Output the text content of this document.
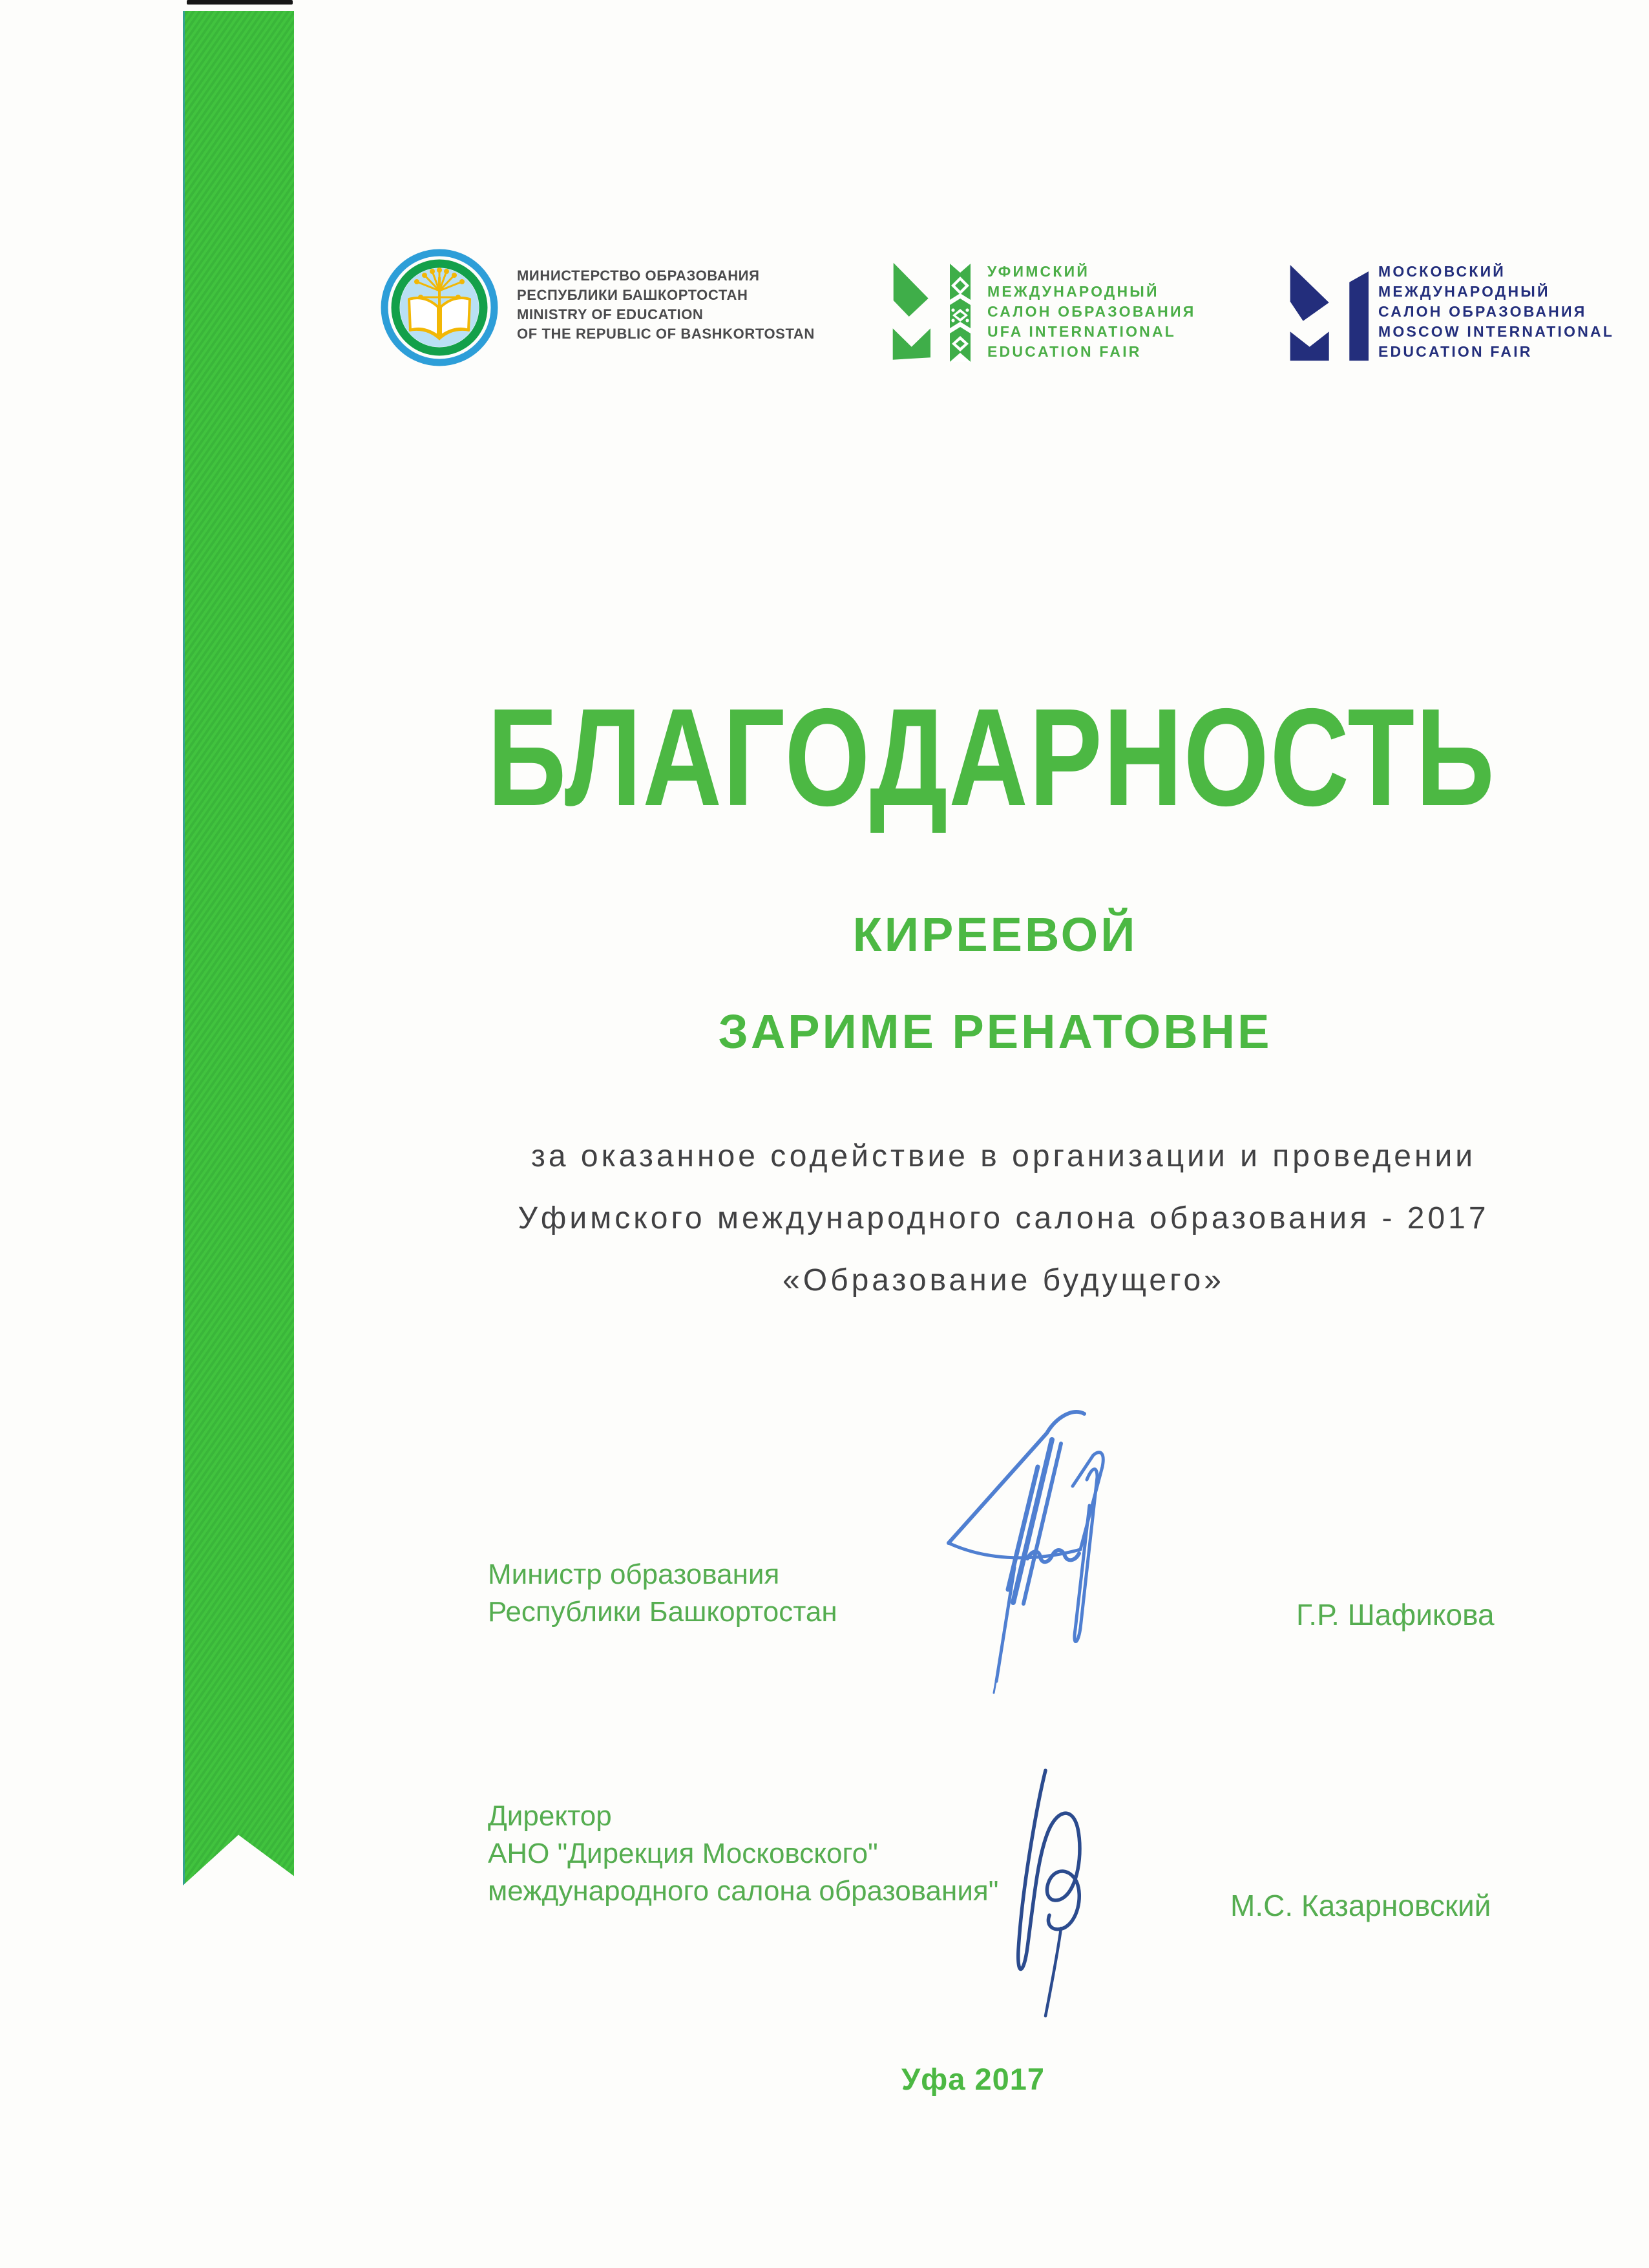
МИНИСТЕРСТВО ОБРАЗОВАНИЯ
РЕСПУБЛИКИ БАШКОРТОСТАН
MINISTRY OF EDUCATION
OF THE REPUBLIC OF BASHKORTOSTAN
УФИМСКИЙ
МЕЖДУНАРОДНЫЙ
САЛОН ОБРАЗОВАНИЯ
UFA INTERNATIONAL
EDUCATION FAIR
МОСКОВСКИЙ
МЕЖДУНАРОДНЫЙ
САЛОН ОБРАЗОВАНИЯ
MOSCOW INTERNATIONAL
EDUCATION FAIR
БЛАГОДАРНОСТЬ
КИРЕЕВОЙ
ЗАРИМЕ РЕНАТОВНЕ
за оказанное содействие в организации и проведении
Уфимского международного салона образования - 2017
«Образование будущего»
Министр образования
Республики Башкортостан	Г.Р. Шафикова
Директор
АНО "Дирекция Московского"
международного салона образования"	М.С. Казарновский
Уфа 2017
